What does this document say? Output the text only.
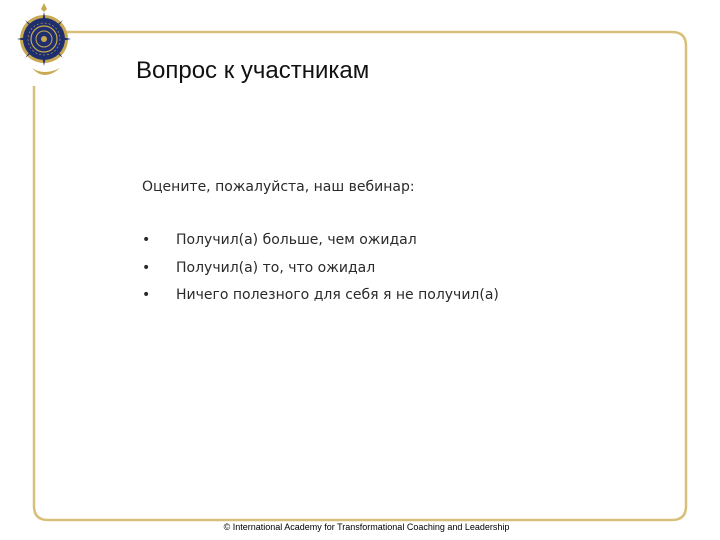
Вопрос к участникам
Оцените, пожалуйста, наш вебинар:
• Получил(а) больше, чем ожидал
• Получил(а) то, что ожидал
• Ничего полезного для себя я не получил(а)
© International Academy for Transformational Coaching and Leadership
